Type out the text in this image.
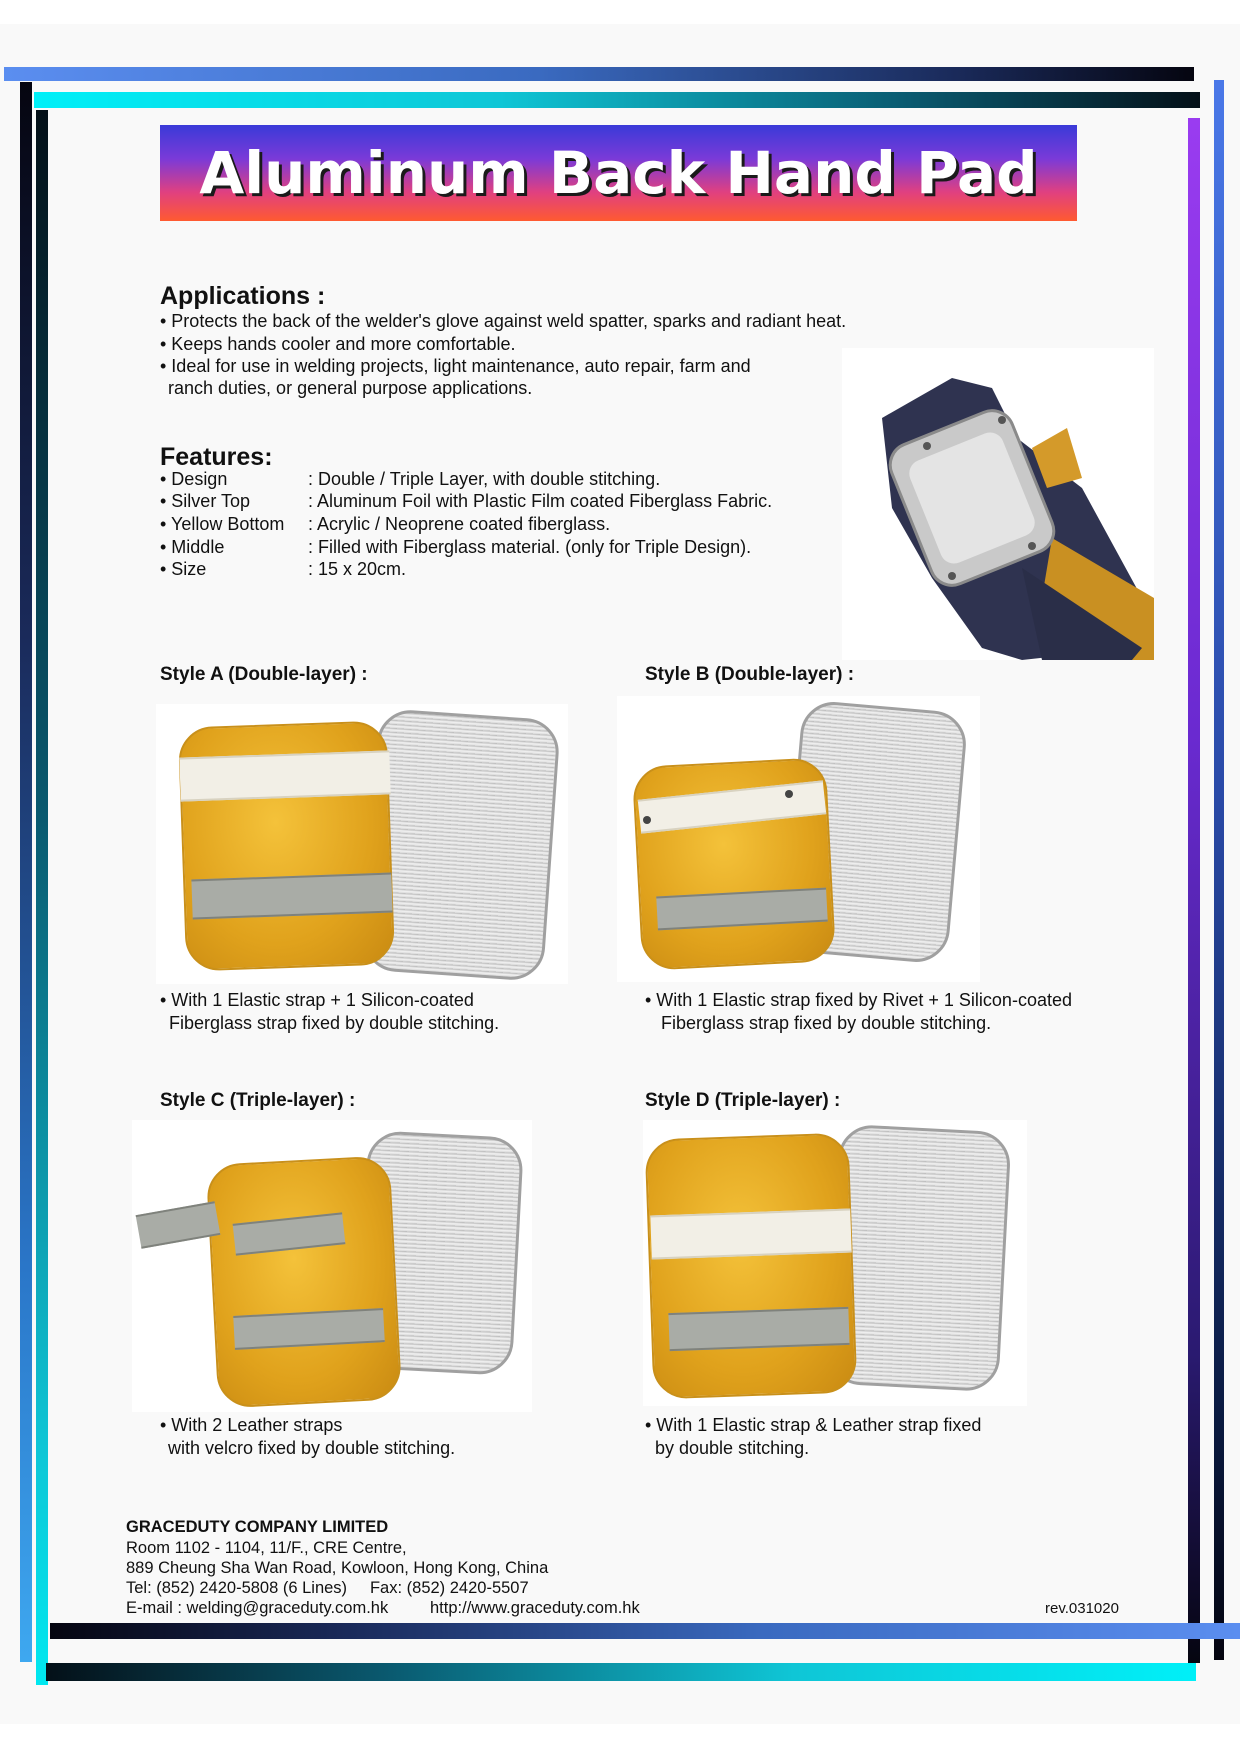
Aluminum Back Hand Pad
Applications :
• Protects the back of the welder's glove against weld spatter, sparks and radiant heat.
• Keeps hands cooler and more comfortable.
• Ideal for use in welding projects, light maintenance, auto repair, farm and
ranch duties, or general purpose applications.
Features:
• Design	: Double / Triple Layer, with double stitching.
• Silver Top	: Aluminum Foil with Plastic Film coated Fiberglass Fabric.
• Yellow Bottom : Acrylic / Neoprene coated fiberglass.
• Middle	: Filled with Fiberglass material. (only for Triple Design).
• Size	: 15 x 20cm.
Style A (Double-layer) :
• With 1 Elastic strap + 1 Silicon-coated
Fiberglass strap fixed by double stitching.
Style B (Double-layer) :
• With 1 Elastic strap fixed by Rivet + 1 Silicon-coated
Fiberglass strap fixed by double stitching.
Style C (Triple-layer) :
• With 2 Leather straps
with velcro fixed by double stitching.
Style D (Triple-layer) :
• With 1 Elastic strap & Leather strap fixed
by double stitching.
GRACEDUTY COMPANY LIMITED
Room 1102 - 1104, 11/F., CRE Centre,
889 Cheung Sha Wan Road, Kowloon, Hong Kong, China
Tel: (852) 2420-5808 (6 Lines)     Fax: (852) 2420-5507
E-mail : welding@graceduty.com.hk	http://www.graceduty.com.hk	rev.031020
